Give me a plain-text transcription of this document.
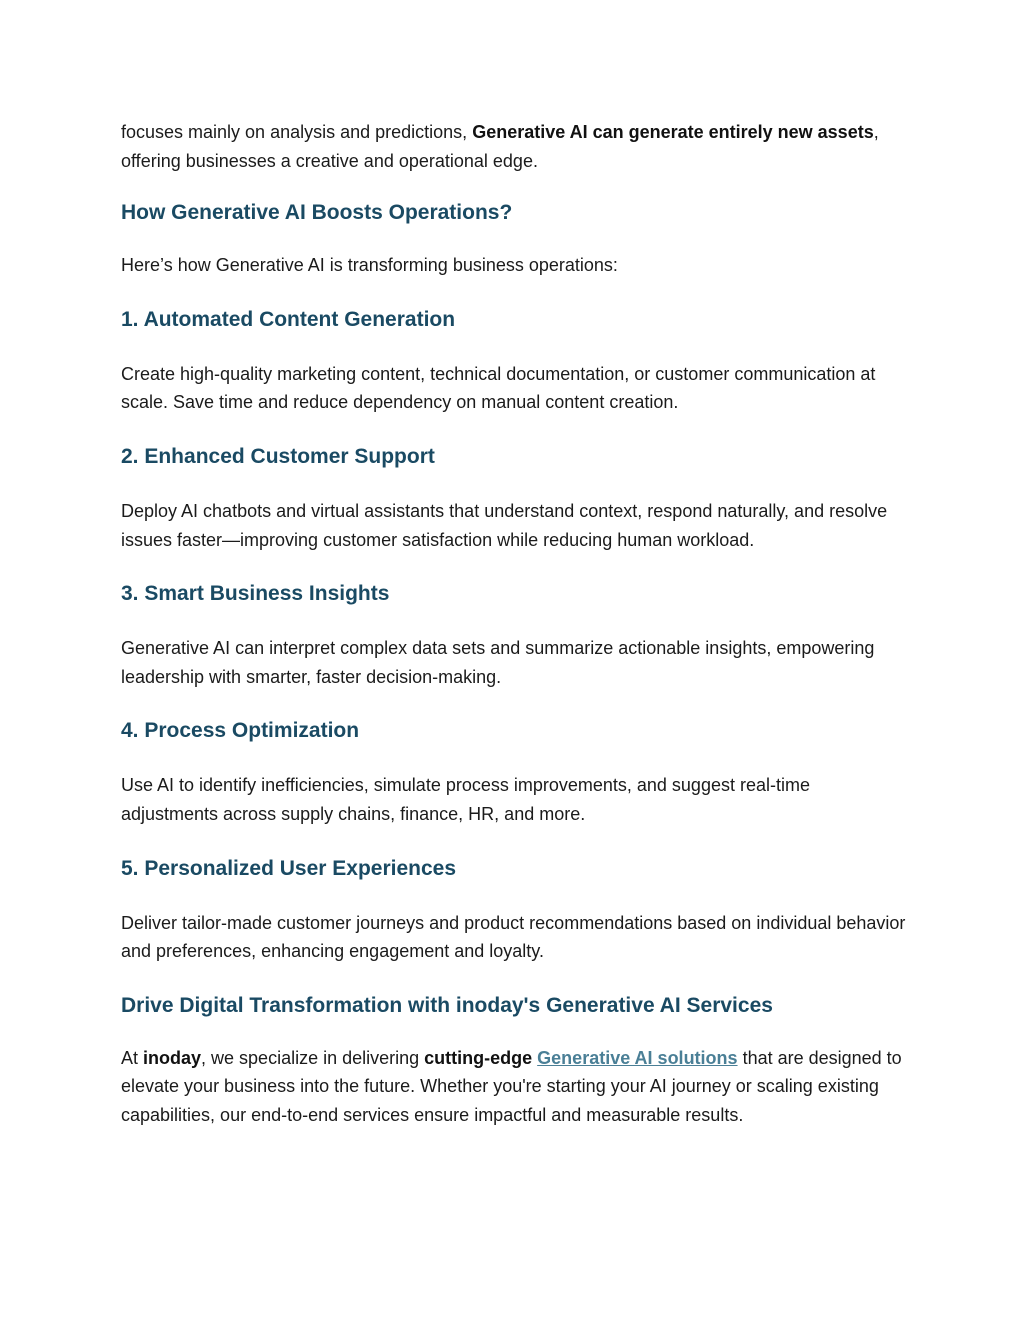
focuses mainly on analysis and predictions, Generative AI can generate entirely new assets, offering businesses a creative and operational edge.

How Generative AI Boosts Operations?

Here’s how Generative AI is transforming business operations:

1. Automated Content Generation

Create high-quality marketing content, technical documentation, or customer communication at scale. Save time and reduce dependency on manual content creation.

2. Enhanced Customer Support

Deploy AI chatbots and virtual assistants that understand context, respond naturally, and resolve issues faster—improving customer satisfaction while reducing human workload.

3. Smart Business Insights

Generative AI can interpret complex data sets and summarize actionable insights, empowering leadership with smarter, faster decision-making.

4. Process Optimization

Use AI to identify inefficiencies, simulate process improvements, and suggest real-time adjustments across supply chains, finance, HR, and more.

5. Personalized User Experiences

Deliver tailor-made customer journeys and product recommendations based on individual behavior and preferences, enhancing engagement and loyalty.

Drive Digital Transformation with inoday's Generative AI Services

At inoday, we specialize in delivering cutting-edge Generative AI solutions that are designed to elevate your business into the future. Whether you're starting your AI journey or scaling existing capabilities, our end-to-end services ensure impactful and measurable results.
